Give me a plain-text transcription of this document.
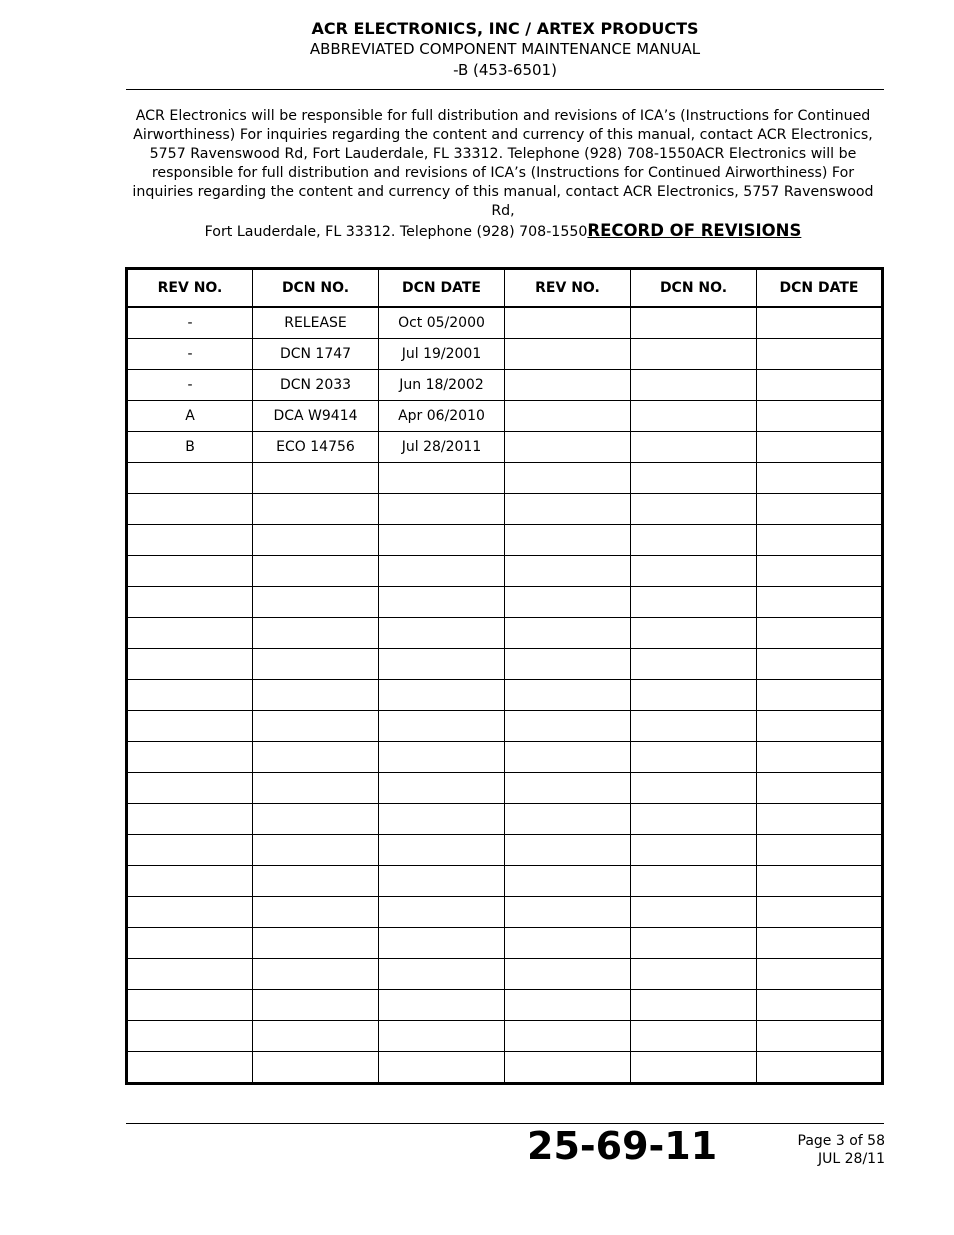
ACR ELECTRONICS, INC / ARTEX PRODUCTS
ABBREVIATED COMPONENT MAINTENANCE MANUAL
-B (453-6501)
ACR Electronics will be responsible for full distribution and revisions of ICA’s (Instructions for Continued
Airworthiness) For inquiries regarding the content and currency of this manual, contact ACR Electronics,
5757 Ravenswood Rd, Fort Lauderdale, FL 33312. Telephone (928) 708-1550ACR Electronics will be
responsible for full distribution and revisions of ICA’s (Instructions for Continued Airworthiness) For
inquiries regarding the content and currency of this manual, contact ACR Electronics, 5757 Ravenswood Rd,
Fort Lauderdale, FL 33312. Telephone (928) 708-1550RECORD OF REVISIONS
REV NO.	DCN NO.	DCN DATE	REV NO.	DCN NO.	DCN DATE
-	RELEASE	Oct 05/2000			
-	DCN 1747	Jul 19/2001			
-	DCN 2033	Jun 18/2002			
A	DCA W9414	Apr 06/2010			
B	ECO 14756	Jul 28/2011			

25-69-11	Page 3 of 58
JUL 28/11
